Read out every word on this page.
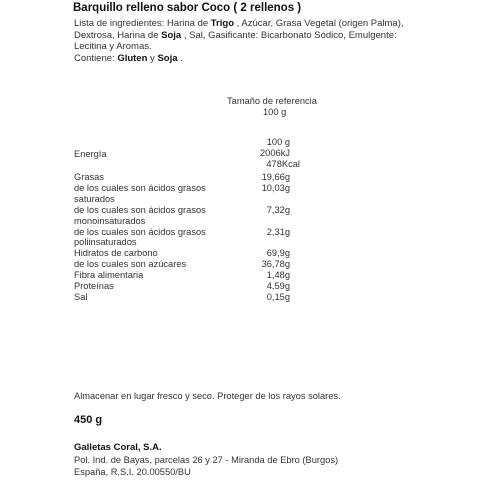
Barquillo relleno sabor Coco ( 2 rellenos )
Lista de ingredientes: Harina de Trigo , Azúcar, Grasa Vegetal (origen Palma),
Dextrosa, Harina de Soja , Sal, Gasificante: Bicarbonato Sódico, Emulgente:
Lecitina y Aromas.
Contiene: Gluten y Soja .
Tamaño de referencia
100 g
100 g
Energía	2006kJ
478Kcal
Grasas	19,66g
de los cuales son ácidos grasos	10,03g
saturados
de los cuales son ácidos grasos	7,32g
monoinsaturados
de los cuales son ácidos grasos	2,31g
poliinsaturados
Hidratos de carbono	69,9g
de los cuales son azúcares	36,78g
Fibra alimentaria	1,48g
Proteínas	4,59g
Sal	0,15g
Almacenar en lugar fresco y seco. Proteger de los rayos solares.
450 g
Galletas Coral, S.A.
Pol. Ind. de Bayas, parcelas 26 y 27 - Miranda de Ebro (Burgos)
España, R.S.I. 20.00550/BU
